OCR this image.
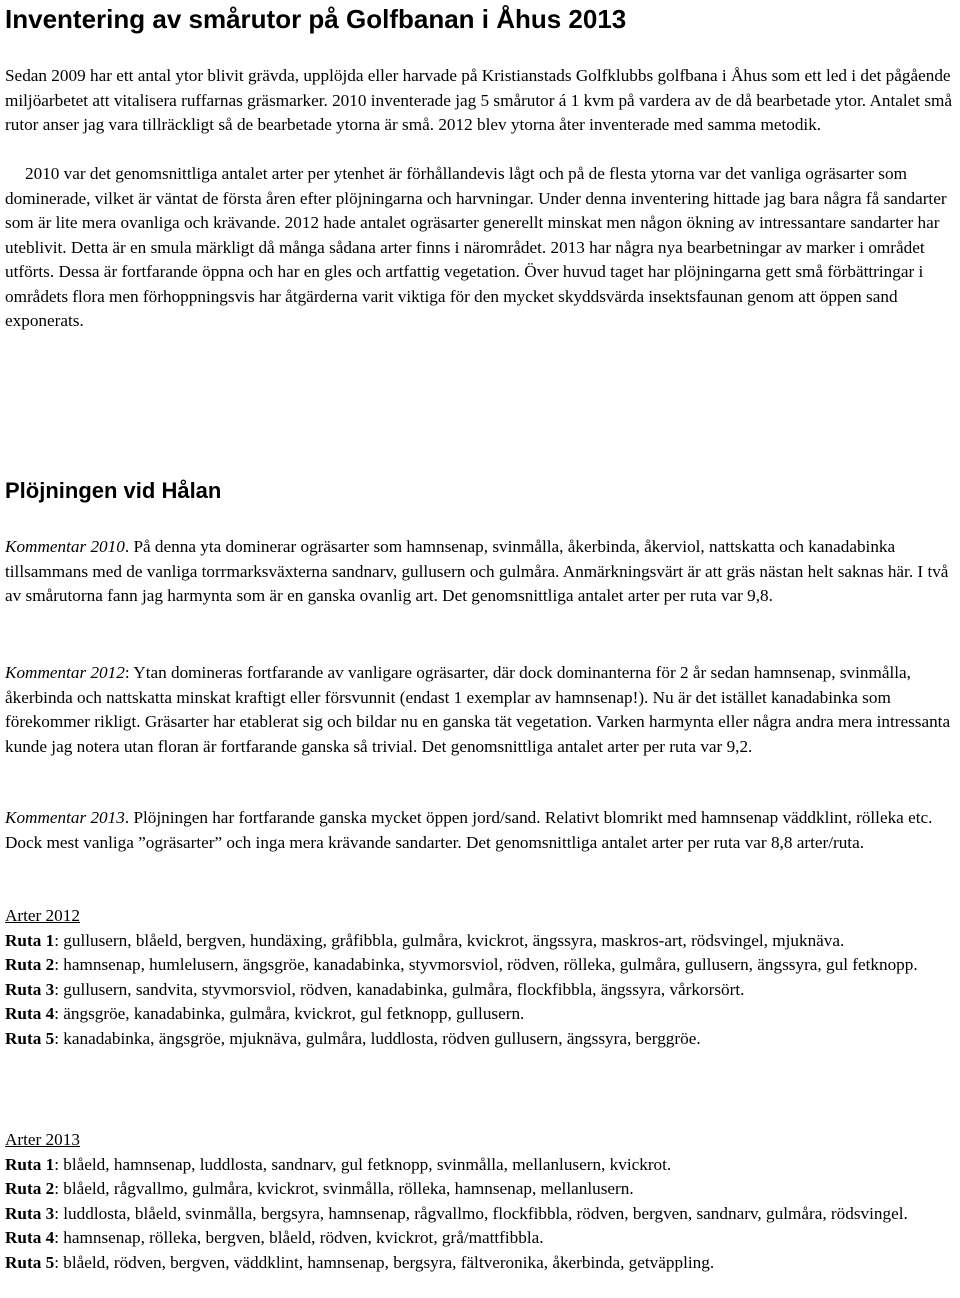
Inventering av smårutor på Golfbanan i Åhus 2013

Sedan 2009 har ett antal ytor blivit grävda, upplöjda eller harvade på Kristianstads Golfklubbs golfbana i Åhus som ett led i det pågående miljöarbetet att vitalisera ruffarnas gräsmarker. 2010 inventerade jag 5 smårutor á 1 kvm på vardera av de då bearbetade ytor. Antalet små rutor anser jag vara tillräckligt så de bearbetade ytorna är små. 2012 blev ytorna åter inventerade med samma metodik.

2010 var det genomsnittliga antalet arter per ytenhet är förhållandevis lågt och på de flesta ytorna var det vanliga ogräsarter som dominerade, vilket är väntat de första åren efter plöjningarna och harvningar. Under denna inventering hittade jag bara några få sandarter som är lite mera ovanliga och krävande. 2012 hade antalet ogräsarter generellt minskat men någon ökning av intressantare sandarter har uteblivit. Detta är en smula märkligt då många sådana arter finns i närområdet. 2013 har några nya bearbetningar av marker i området utförts. Dessa är fortfarande öppna och har en gles och artfattig vegetation. Över huvud taget har plöjningarna gett små förbättringar i områdets flora men förhoppningsvis har åtgärderna varit viktiga för den mycket skyddsvärda insektsfaunan genom att öppen sand exponerats.

Plöjningen vid Hålan

Kommentar 2010. På denna yta dominerar ogräsarter som hamnsenap, svinmålla, åkerbinda, åkerviol, nattskatta och kanadabinka tillsammans med de vanliga torrmarksväxterna sandnarv, gullusern och gulmåra. Anmärkningsvärt är att gräs nästan helt saknas här. I två av smårutorna fann jag harmynta som är en ganska ovanlig art. Det genomsnittliga antalet arter per ruta var 9,8.

Kommentar 2012: Ytan domineras fortfarande av vanligare ogräsarter, där dock dominanterna för 2 år sedan hamnsenap, svinmålla, åkerbinda och nattskatta minskat kraftigt eller försvunnit (endast 1 exemplar av hamnsenap!). Nu är det istället kanadabinka som förekommer rikligt. Gräsarter har etablerat sig och bildar nu en ganska tät vegetation. Varken harmynta eller några andra mera intressanta kunde jag notera utan floran är fortfarande ganska så trivial. Det genomsnittliga antalet arter per ruta var 9,2.

Kommentar 2013. Plöjningen har fortfarande ganska mycket öppen jord/sand. Relativt blomrikt med hamnsenap väddklint, rölleka etc. Dock mest vanliga ”ogräsarter” och inga mera krävande sandarter. Det genomsnittliga antalet arter per ruta var 8,8 arter/ruta.

Arter 2012
Ruta 1: gullusern, blåeld, bergven, hundäxing, gråfibbla, gulmåra, kvickrot, ängssyra, maskros-art, rödsvingel, mjuknäva.
Ruta 2: hamnsenap, humlelusern, ängsgröe, kanadabinka, styvmorsviol, rödven, rölleka, gulmåra, gullusern, ängssyra, gul fetknopp.
Ruta 3: gullusern, sandvita, styvmorsviol, rödven, kanadabinka, gulmåra, flockfibbla, ängssyra, vårkorsört.
Ruta 4: ängsgröe, kanadabinka, gulmåra, kvickrot, gul fetknopp, gullusern.
Ruta 5: kanadabinka, ängsgröe, mjuknäva, gulmåra, luddlosta, rödven gullusern, ängssyra, berggröe.
Arter 2013
Ruta 1: blåeld, hamnsenap, luddlosta, sandnarv, gul fetknopp, svinmålla, mellanlusern, kvickrot.
Ruta 2: blåeld, rågvallmo, gulmåra, kvickrot, svinmålla, rölleka, hamnsenap, mellanlusern.
Ruta 3: luddlosta, blåeld, svinmålla, bergsyra, hamnsenap, rågvallmo, flockfibbla, rödven, bergven, sandnarv, gulmåra, rödsvingel.
Ruta 4: hamnsenap, rölleka, bergven, blåeld, rödven, kvickrot, grå/mattfibbla.
Ruta 5: blåeld, rödven, bergven, väddklint, hamnsenap, bergsyra, fältveronika, åkerbinda, getväppling.
